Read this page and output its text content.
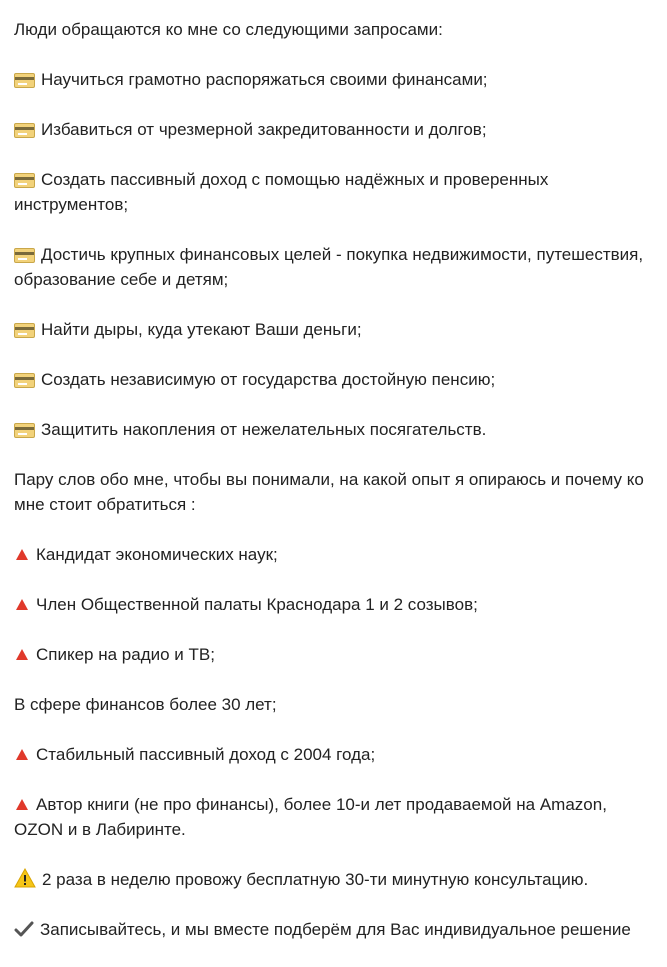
Люди обращаются ко мне со следующими запросами:

Научиться грамотно распоряжаться своими финансами;

Избавиться от чрезмерной закредитованности и долгов;

Создать пассивный доход с помощью надёжных и проверенных инструментов;

Достичь крупных финансовых целей - покупка недвижимости, путешествия, образование себе и детям;

Найти дыры, куда утекают Ваши деньги;

Создать независимую от государства достойную пенсию;

Защитить накопления от нежелательных посягательств.

Пару слов обо мне, чтобы вы понимали, на какой опыт я опираюсь и почему ко мне стоит обратиться :

Кандидат экономических наук;

Член Общественной палаты Краснодара 1 и 2 созывов;

Спикер на радио и ТВ;

В сфере финансов более 30 лет;

Стабильный пассивный доход с 2004 года;

Автор книги (не про финансы), более 10-и лет продаваемой на Amazon, OZON и в Лабиринте.

2 раза в неделю провожу бесплатную 30-ти минутную консультацию.

Записывайтесь, и мы вместе подберём для Вас индивидуальное решение
